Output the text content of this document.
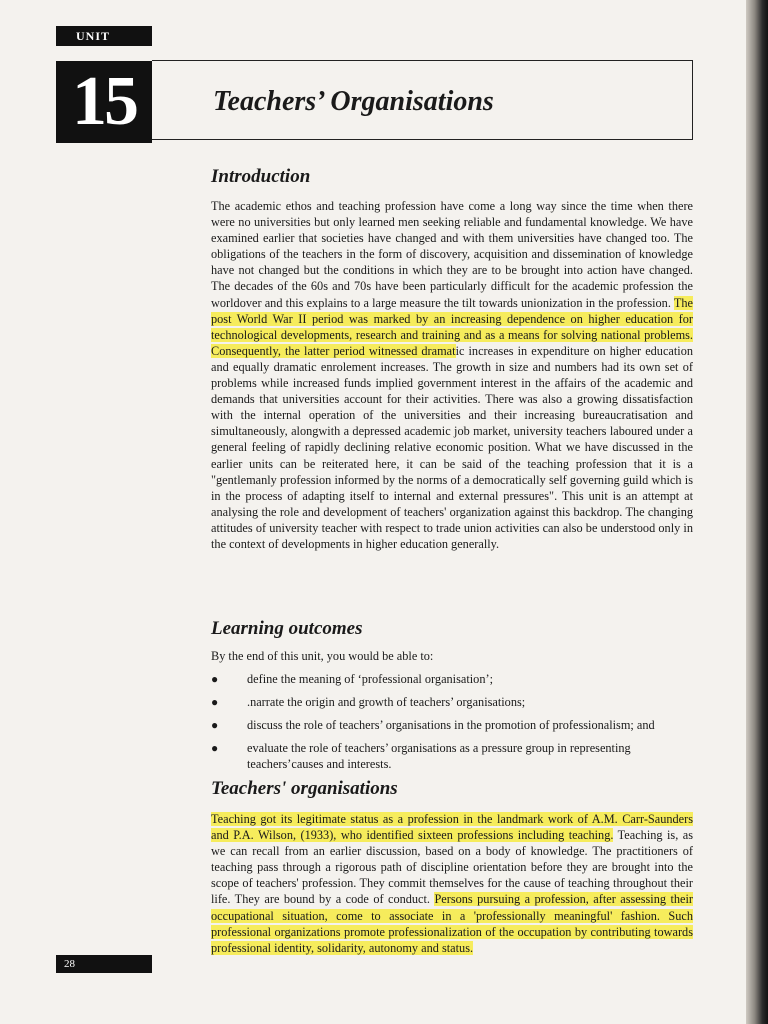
UNIT
15	Teachers’ Organisations
Introduction
The academic ethos and teaching profession have come a long way since the time when there were no universities but only learned men seeking reliable and fundamental knowledge. We have examined earlier that societies have changed and with them universities have changed too. The obligations of the teachers in the form of discovery, acquisition and dissemination of knowledge have not changed but the conditions in which they are to be brought into action have changed. The decades of the 60s and 70s have been particularly difficult for the academic profession the worldover and this explains to a large measure the tilt towards unionization in the profession. The post World War II period was marked by an increasing dependence on higher education for technological developments, research and training and as a means for solving national problems. Consequently, the latter period witnessed dramatic increases in expenditure on higher education and equally dramatic enrolement increases. The growth in size and numbers had its own set of problems while increased funds implied government interest in the affairs of the academic and demands that universities account for their activities. There was also a growing dissatisfaction with the internal operation of the universities and their increasing bureaucratisation and simultaneously, alongwith a depressed academic job market, university teachers laboured under a general feeling of rapidly declining relative economic position. What we have discussed in the earlier units can be reiterated here, it can be said of the teaching profession that it is a "gentlemanly profession informed by the norms of a democratically self governing guild which is in the process of adapting itself to internal and external pressures". This unit is an attempt at analysing the role and development of teachers' organization against this backdrop. The changing attitudes of university teacher with respect to trade union activities can also be understood only in the context of developments in higher education generally.
Learning outcomes
By the end of this unit, you would be able to:
● define the meaning of ‘professional organisation’;
● .narrate the origin and growth of teachers’ organisations;
● discuss the role of teachers’ organisations in the promotion of professionalism; and
● evaluate the role of teachers’ organisations as a pressure group in representing teachers’causes and interests.
Teachers' organisations
Teaching got its legitimate status as a profession in the landmark work of A.M. Carr-Saunders and P.A. Wilson, (1933), who identified sixteen professions including teaching. Teaching is, as we can recall from an earlier discussion, based on a body of knowledge. The practitioners of teaching pass through a rigorous path of discipline orientation before they are brought into the scope of teachers' profession. They commit themselves for the cause of teaching throughout their life. They are bound by a code of conduct. Persons pursuing a profession, after assessing their occupational situation, come to associate in a 'professionally meaningful' fashion. Such professional organizations promote professionalization of the occupation by contributing towards professional identity, solidarity, autonomy and status.
28
